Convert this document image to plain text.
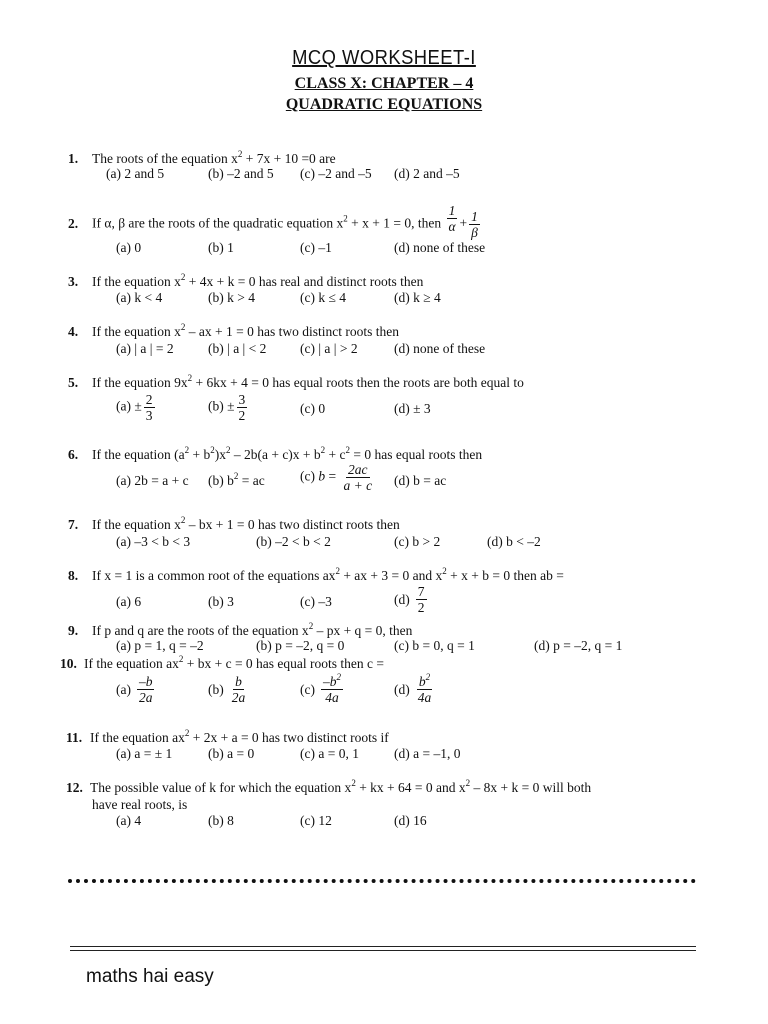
MCQ WORKSHEET-I
CLASS X: CHAPTER – 4
QUADRATIC EQUATIONS
1. The roots of the equation $x^2 + 7x + 10 =0$ are
(a) 2 and 5	(b) –2 and 5 (c) –2 and –5 (d) 2 and –5
2. If α, β are the roots of the quadratic equation $x^2 + x + 1 = 0$, then $\frac{1}{\alpha} + \frac{1}{\beta}$
(a) 0	(b) 1	(c) –1	(d) none of these
3. If the equation $x^2 + 4x + k = 0$ has real and distinct roots then
(a) k < 4	(b) k > 4	(c) k ≤ 4	(d) k ≥ 4
4. If the equation $x^2$ – ax + 1 = 0 has two distinct roots then
(a) | a | = 2	(b) | a | < 2 (c) | a | > 2	(d) none of these
5. If the equation $9x^2 + 6kx + 4 = 0$ has equal roots then the roots are both equal to
$(a) \pm \frac{2}{3}$	$(b) \pm \frac{3}{2}$	(c) 0	(d) ± 3
6. If the equation $(a^2 + b^2)x^2 - 2b(a + c)x + b^2 + c^2 = 0$ has equal roots then
(a) 2b = a + c (b) $b^2$ = ac	(c) $b = \frac{2ac}{a + c} (d) b$ = ac
7. If the equation $x^2$ – bx + 1 = 0 has two distinct roots then
(a) –3 < b < 3	(b) –2 < b < 2	(c) b > 2	(d) b < –2
8. If x = 1 is a common root of the equations $ax^2$ + ax + 3 = 0 and $x^2 + x + b = 0$ then ab =
(a) 6	(b) 3	(c) –3	$(d) \frac{7}{2}$
9. If p and q are the roots of the equation $x^2$ – px + q = 0, then
(a) p = 1, q = –2	(b) p = –2, q = 0	(c) b = 0, q = 1	(d) p = –2, q = 1
10. If the equation $ax^2$ + bx + c = 0 has equal roots then c =
$(a) \frac{-b}{2a}$	$(b) \frac{b}{2a}$	$(c) \frac{-b^2}{4a}$	$(d) \frac{b^2}{4a}$
11. If the equation $ax^2 + 2x + a = 0$ has two distinct roots if
(a) a = ± 1	(b) a = 0	(c) a = 0, 1	(d) a = –1, 0
12. The possible value of k for which the equation $x^2$ + kx + 64 = 0 and $x^2 - 8x + k = 0$ will both
have real roots, is
(a) 4	(b) 8	(c) 12	(d) 16
maths hai easy
